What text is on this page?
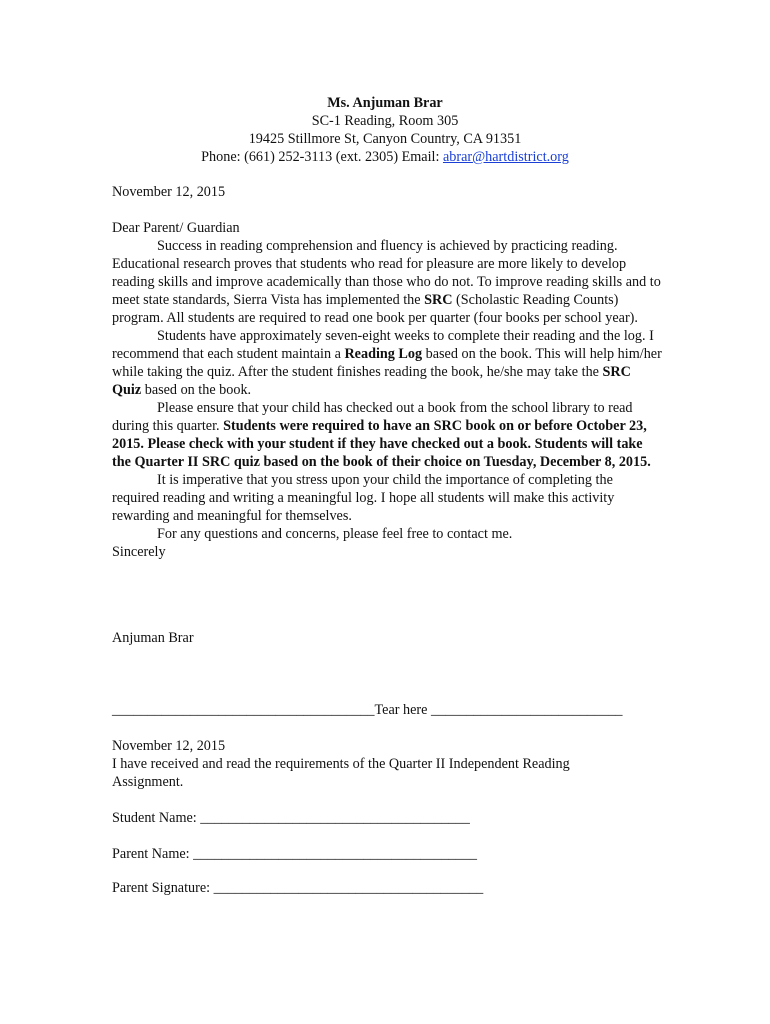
Ms. Anjuman Brar
SC-1 Reading, Room 305
19425 Stillmore St, Canyon Country, CA 91351
Phone: (661) 252-3113 (ext. 2305) Email: abrar@hartdistrict.org
November 12, 2015
Dear Parent/ Guardian

Success in reading comprehension and fluency is achieved by practicing reading. Educational research proves that students who read for pleasure are more likely to develop reading skills and improve academically than those who do not. To improve reading skills and to meet state standards, Sierra Vista has implemented the SRC (Scholastic Reading Counts) program. All students are required to read one book per quarter (four books per school year).

Students have approximately seven-eight weeks to complete their reading and the log. I recommend that each student maintain a Reading Log based on the book. This will help him/her while taking the quiz. After the student finishes reading the book, he/she may take the SRC Quiz based on the book.

Please ensure that your child has checked out a book from the school library to read during this quarter. Students were required to have an SRC book on or before October 23, 2015. Please check with your student if they have checked out a book. Students will take the Quarter II SRC quiz based on the book of their choice on Tuesday, December 8, 2015.

It is imperative that you stress upon your child the importance of completing the required reading and writing a meaningful log. I hope all students will make this activity rewarding and meaningful for themselves.

For any questions and concerns, please feel free to contact me.

Sincerely

Anjuman Brar
_____________________________________Tear here ___________________________
November 12, 2015
I have received and read the requirements of the Quarter II Independent Reading Assignment.
Student Name: ______________________________________
Parent Name: ________________________________________
Parent Signature: ______________________________________
